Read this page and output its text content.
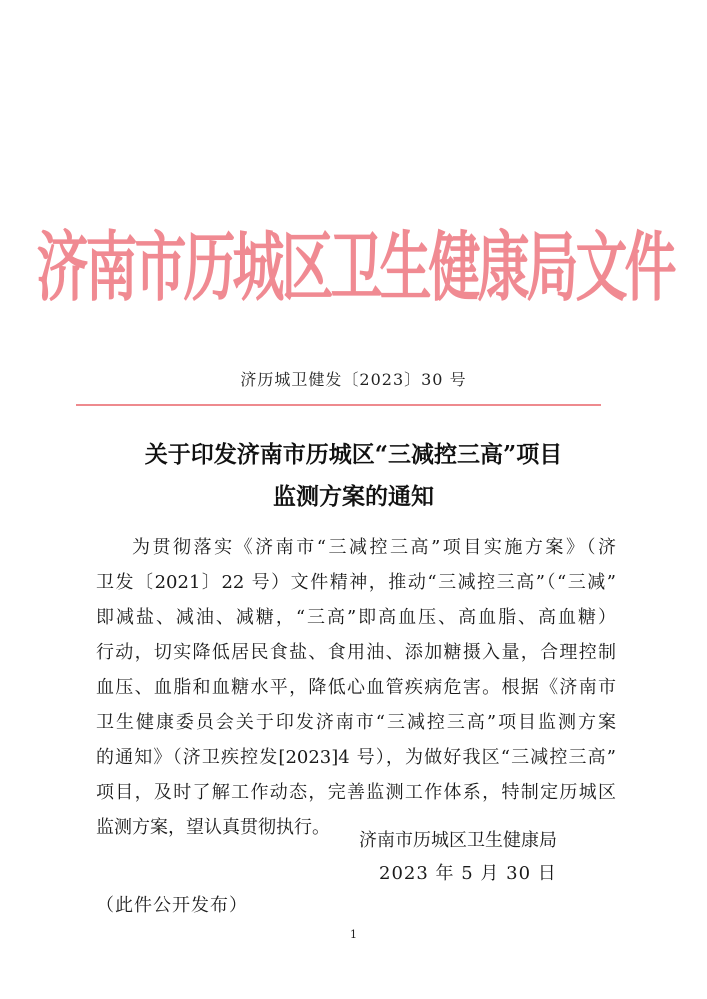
济南市历城区卫生健康局文件
济历城卫健发〔2023〕30 号
关于印发济南市历城区“三减控三高”项目
监测方案的通知
为贯彻落实《济南市“三减控三高”项目实施方案》（济
卫发〔2021〕22 号）文件精神，推动“三减控三高”（“三减”
即减盐、减油、减糖，“三高”即高血压、高血脂、高血糖）
行动，切实降低居民食盐、食用油、添加糖摄入量，合理控制
血压、血脂和血糖水平，降低心血管疾病危害。根据《济南市
卫生健康委员会关于印发济南市“三减控三高”项目监测方案
的通知》（济卫疾控发[2023]4 号），为做好我区“三减控三高”
项目，及时了解工作动态，完善监测工作体系，特制定历城区
监测方案，望认真贯彻执行。
济南市历城区卫生健康局
2023 年 5 月 30 日
（此件公开发布）
1
